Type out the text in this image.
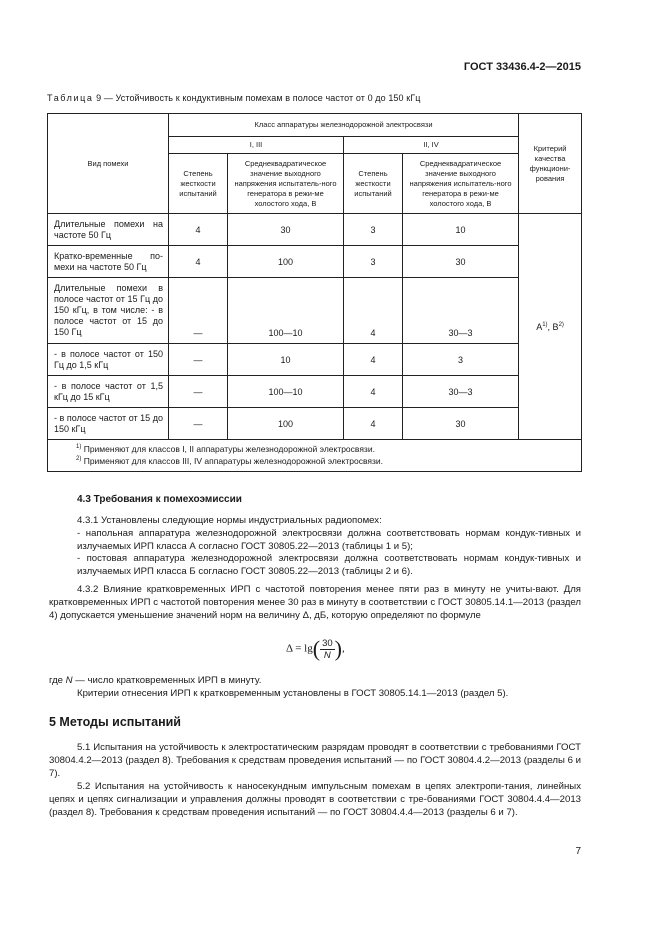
ГОСТ 33436.4-2—2015
Таблица 9 — Устойчивость к кондуктивным помехам в полосе частот от 0 до 150 кГц
Вид помехи	Класс аппаратуры железнодорожной электросвязи				Критерий качества функциони-рования
	I, III		II, IV		
	Степень жесткости испытаний	Среднеквадратическое значение выходного напряжения испытатель-ного генератора в режи-ме холостого хода, В	Степень жесткости испытаний	Среднеквадратическое значение выходного напряжения испытатель-ного генератора в режи-ме холостого хода, В	
Длительные помехи на частоте 50 Гц	4	30	3	10	$A^{1)}$, $B^{2)}$
Кратко-временные по-мехи на частоте 50 Гц	4	100	3	30	
Длительные помехи в полосе частот от 15 Гц до 150 кГц, в том числе: - в полосе частот от 15 до 150 Гц	—	100—10	4	30—3	
- в полосе частот от 150 Гц до 1,5 кГц	—	10	4	3	
- в полосе частот от 1,5 кГц до 15 кГц	—	100—10	4	30—3	
- в полосе частот от 15 до 150 кГц	—	100	4	30	

$^{1)}$ Применяют для классов I, II аппаратуры железнодорожной электросвязи.
$^{2)}$ Применяют для классов III, IV аппаратуры железнодорожной электросвязи.					
4.3 Требования к помехоэмиссии

4.3.1 Установлены следующие нормы индустриальных радиопомех:

- напольная аппаратура железнодорожной электросвязи должна соответствовать нормам кондук-тивных и излучаемых ИРП класса А согласно ГОСТ 30805.22—2013 (таблицы 1 и 5);

- постовая аппаратура железнодорожной электросвязи должна соответствовать нормам кондук-тивных и излучаемых ИРП класса Б согласно ГОСТ 30805.22—2013 (таблицы 2 и 6).

4.3.2 Влияние кратковременных ИРП с частотой повторения менее пяти раз в минуту не учиты-вают. Для кратковременных ИРП с частотой повторения менее 30 раз в минуту в соответствии с ГОСТ 30805.14.1—2013 (раздел 4) допускается уменьшение значений норм на величину Δ, дБ, которую определяют по формуле

$\Delta = \lg( \frac{30}{N}$ ),
где N — число кратковременных ИРП в минуту.
Критерии отнесения ИРП к кратковременным установлены в ГОСТ 30805.14.1—2013 (раздел 5).
5 Методы испытаний

5.1 Испытания на устойчивость к электростатическим разрядам проводят в соответствии с требованиями ГОСТ 30804.4.2—2013 (раздел 8). Требования к средствам проведения испытаний — по ГОСТ 30804.4.2—2013 (разделы 6 и 7).

5.2 Испытания на устойчивость к наносекундным импульсным помехам в цепях электропи-тания, линейных цепях и цепях сигнализации и управления должны проводят в соответствии с тре-бованиями ГОСТ 30804.4.4—2013 (раздел 8). Требования к средствам проведения испытаний — по ГОСТ 30804.4.4—2013 (разделы 6 и 7).

7
